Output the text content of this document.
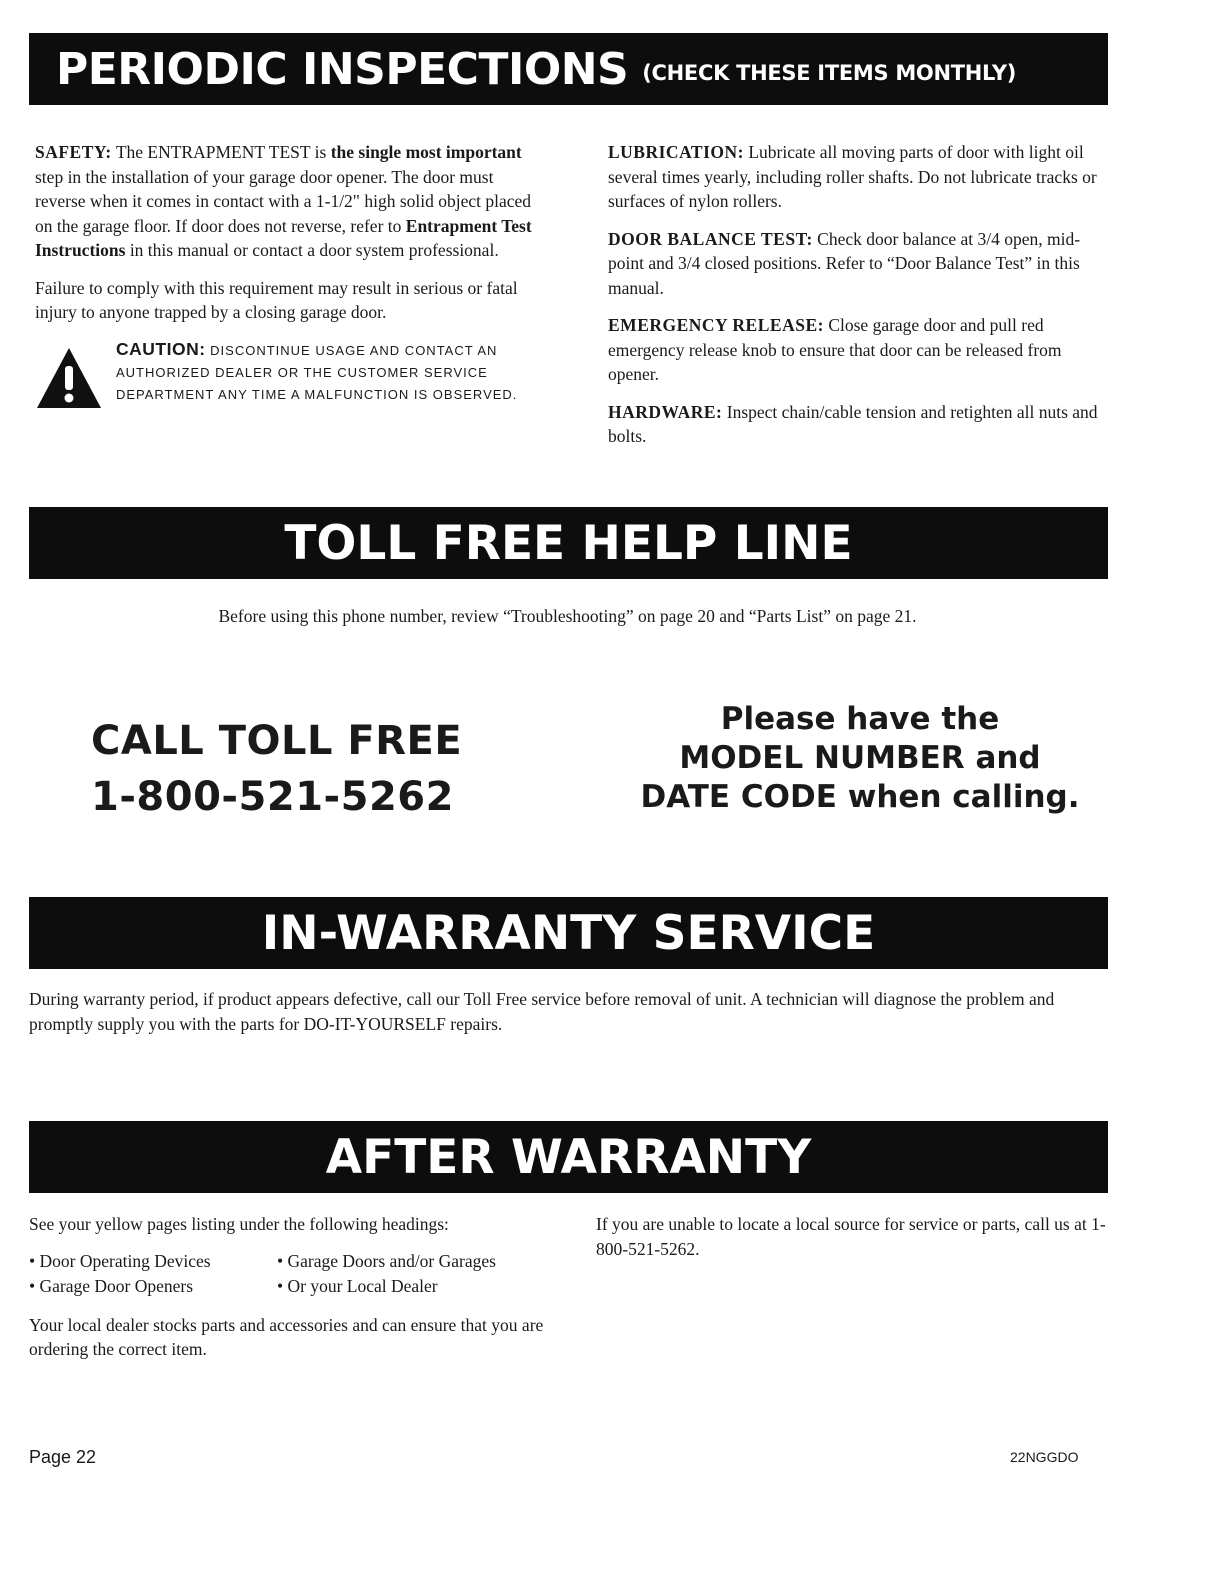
PERIODIC INSPECTIONS (CHECK THESE ITEMS MONTHLY)

SAFETY: The ENTRAPMENT TEST is the single most important step in the installation of your garage door opener. The door must reverse when it comes in contact with a 1-1/2" high solid object placed on the garage floor. If door does not reverse, refer to Entrapment Test Instructions in this manual or contact a door system professional.

Failure to comply with this requirement may result in serious or fatal injury to anyone trapped by a closing garage door.

CAUTION: DISCONTINUE USAGE AND CONTACT AN AUTHORIZED DEALER OR THE CUSTOMER SERVICE DEPARTMENT ANY TIME A MALFUNCTION IS OBSERVED.

LUBRICATION: Lubricate all moving parts of door with light oil several times yearly, including roller shafts. Do not lubricate tracks or surfaces of nylon rollers.

DOOR BALANCE TEST: Check door balance at 3/4 open, mid-point and 3/4 closed positions. Refer to “Door Balance Test” in this manual.

EMERGENCY RELEASE: Close garage door and pull red emergency release knob to ensure that door can be released from opener.

HARDWARE: Inspect chain/cable tension and retighten all nuts and bolts.

TOLL FREE HELP LINE
Before using this phone number, review “Troubleshooting” on page 20 and “Parts List” on page 21.
CALL TOLL FREE
1-800-521-5262
Please have the
MODEL NUMBER and
DATE CODE when calling.
IN-WARRANTY SERVICE
During warranty period, if product appears defective, call our Toll Free service before removal of unit. A technician will diagnose the problem and promptly supply you with the parts for DO-IT-YOURSELF repairs.
AFTER WARRANTY
See your yellow pages listing under the following headings:
• Door Operating Devices	• Garage Doors and/or Garages
• Garage Door Openers	• Or your Local Dealer
Your local dealer stocks parts and accessories and can ensure that you are ordering the correct item.
If you are unable to locate a local source for service or parts, call us at 1-800-521-5262.
Page 22	22NGGDO
